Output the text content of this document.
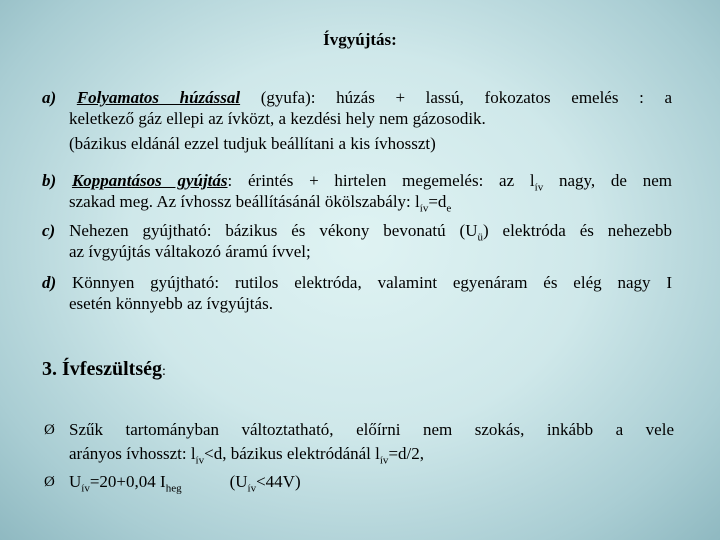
Ívgyújtás:
a) Folyamatos húzással (gyufa): húzás + lassú, fokozatos emelés : a
keletkező gáz ellepi az ívközt, a kezdési hely nem gázosodik.
(bázikus eldánál ezzel tudjuk beállítani a kis ívhosszt)
b) Koppantásos gyújtás: érintés + hirtelen megemelés: az $l_{ív}$ nagy, de nem
szakad meg. Az ívhossz beállításánál ökölszabály: $l_{ív}=d_e$
c) Nehezen gyújtható: bázikus és vékony bevonatú $(U_ü)$ elektróda és nehezebb
az ívgyújtás váltakozó áramú ívvel;
d) Könnyen gyújtható: rutilos elektróda, valamint egyenáram és elég nagy I
esetén könnyebb az ívgyújtás.
3. Ívfeszültség:
Ø Szűk tartományban változtatható, előírni nem szokás, inkább a vele
arányos ívhosszt: $l_{ív}<d$, bázikus elektródánál $l_{ív}=d/2$,
Ø $U_{ív}=20+0,04$ $I_{heg}$	$(U_{ív}<44V)$
